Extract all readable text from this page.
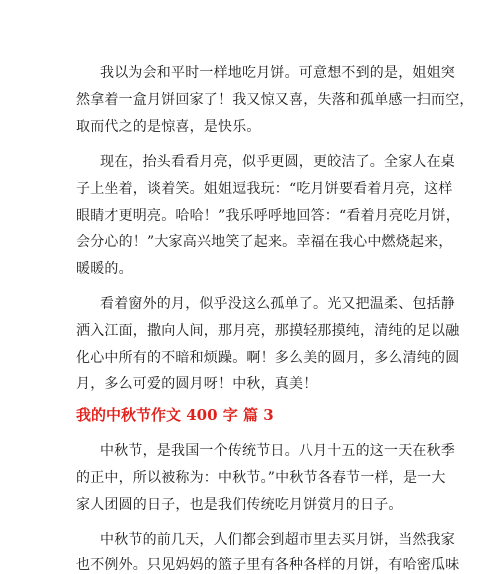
我以为会和平时一样地吃月饼。可意想不到的是，姐姐突
然拿着一盒月饼回家了！我又惊又喜，失落和孤单感一扫而空，
取而代之的是惊喜，是快乐。
现在，抬头看看月亮，似乎更圆，更皎洁了。全家人在桌
子上坐着，谈着笑。姐姐逗我玩：“吃月饼要看着月亮，这样
眼睛才更明亮。哈哈！”我乐呼呼地回答：“看着月亮吃月饼，
会分心的！”大家高兴地笑了起来。幸福在我心中燃烧起来，
暖暖的。
看着窗外的月，似乎没这么孤单了。光又把温柔、包括静
洒入江面，撒向人间，那月亮，那摸轻那摸纯，清纯的足以融
化心中所有的不暗和烦躁。啊！多么美的圆月，多么清纯的圆
月，多么可爱的圆月呀！中秋，真美！
我的中秋节作文 400 字 篇 3
中秋节，是我国一个传统节日。八月十五的这一天在秋季
的正中，所以被称为：中秋节。”中秋节各春节一样，是一大
家人团圆的日子，也是我们传统吃月饼赏月的日子。
中秋节的前几天，人们都会到超市里去买月饼，当然我家
也不例外。只见妈妈的篮子里有各种各样的月饼，有哈密瓜味
